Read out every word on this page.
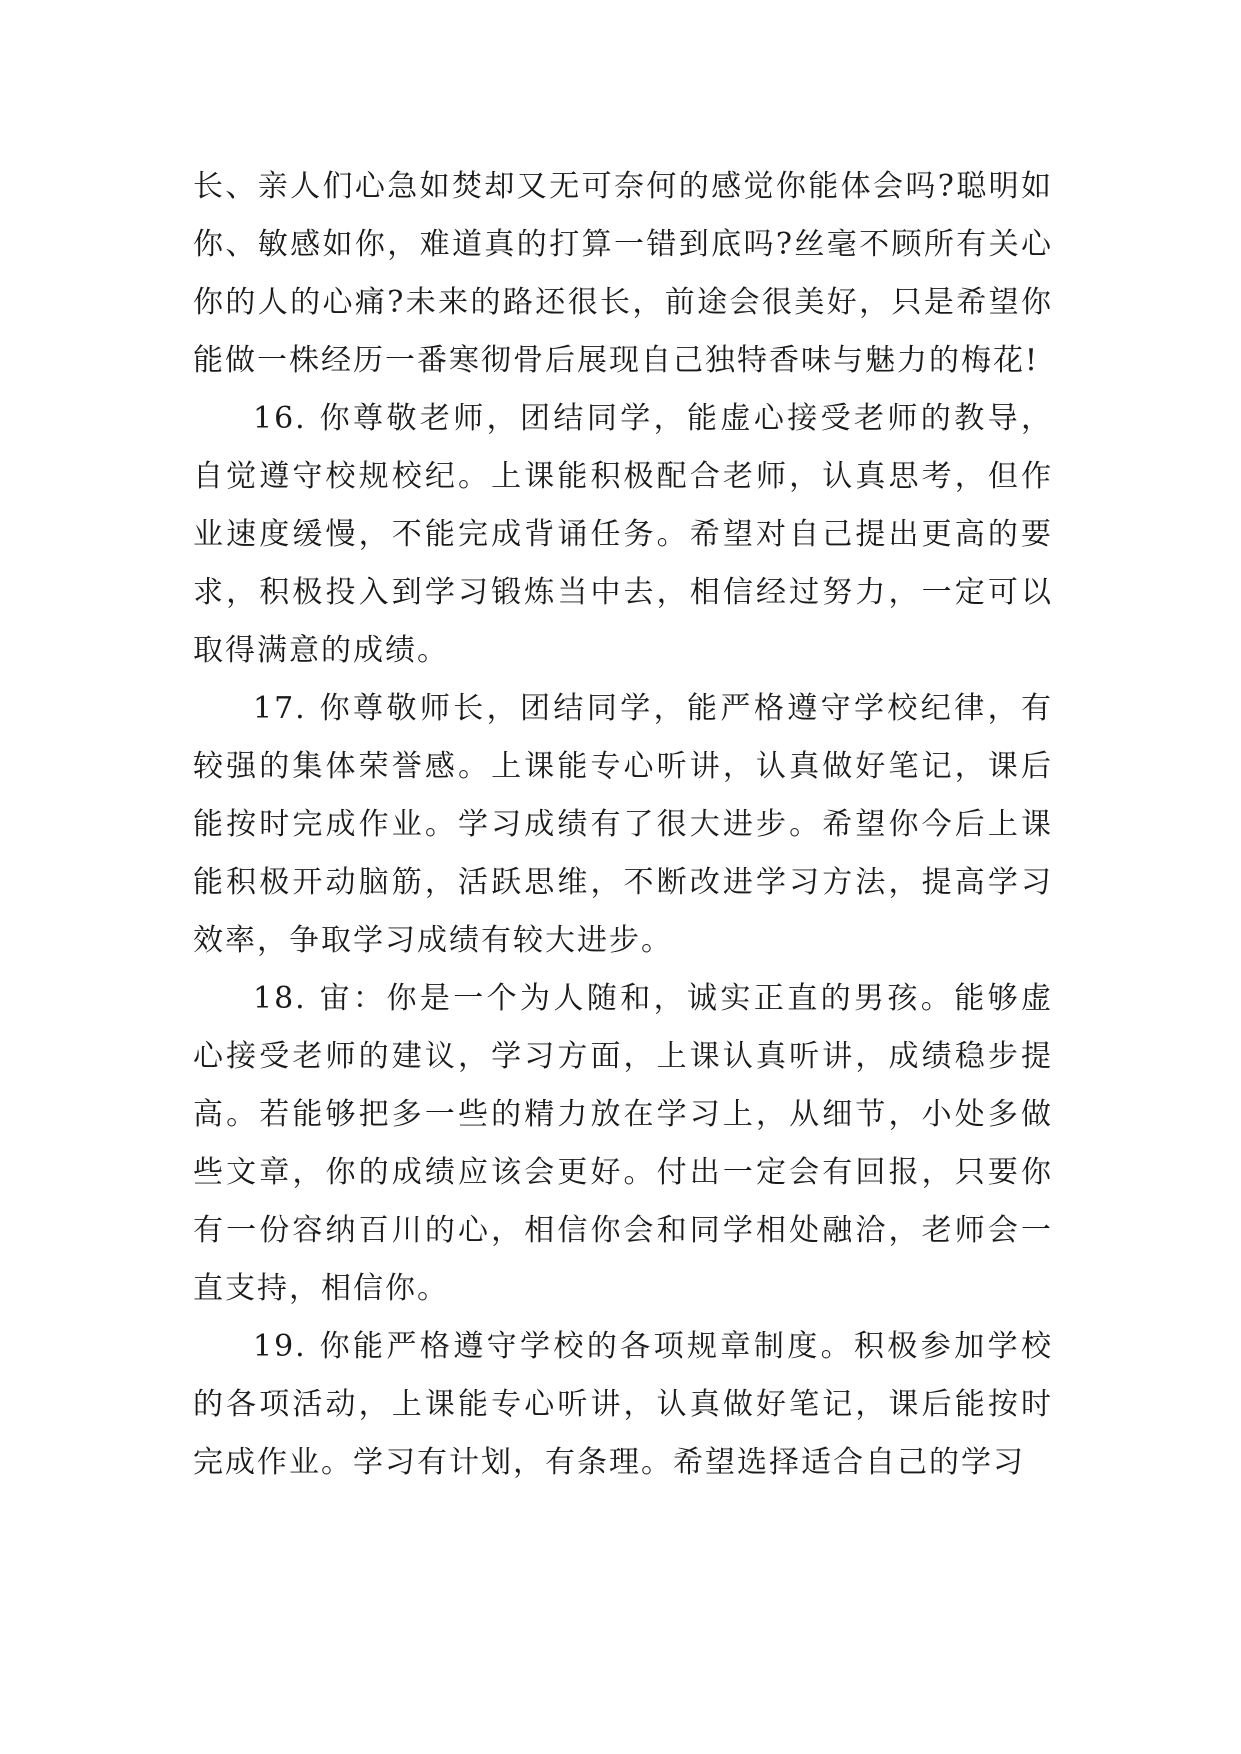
长、亲人们心急如焚却又无可奈何的感觉你能体会吗?聪明如你、敏感如你，难道真的打算一错到底吗?丝毫不顾所有关心你的人的心痛?未来的路还很长，前途会很美好，只是希望你能做一株经历一番寒彻骨后展现自己独特香味与魅力的梅花!

16. 你尊敬老师，团结同学，能虚心接受老师的教导，自觉遵守校规校纪。上课能积极配合老师，认真思考，但作业速度缓慢，不能完成背诵任务。希望对自己提出更高的要求，积极投入到学习锻炼当中去，相信经过努力，一定可以取得满意的成绩。

17. 你尊敬师长，团结同学，能严格遵守学校纪律，有较强的集体荣誉感。上课能专心听讲，认真做好笔记，课后能按时完成作业。学习成绩有了很大进步。希望你今后上课能积极开动脑筋，活跃思维，不断改进学习方法，提高学习效率，争取学习成绩有较大进步。

18. 宙：你是一个为人随和，诚实正直的男孩。能够虚心接受老师的建议，学习方面，上课认真听讲，成绩稳步提高。若能够把多一些的精力放在学习上，从细节，小处多做些文章，你的成绩应该会更好。付出一定会有回报，只要你有一份容纳百川的心，相信你会和同学相处融洽，老师会一直支持，相信你。

19. 你能严格遵守学校的各项规章制度。积极参加学校的各项活动，上课能专心听讲，认真做好笔记，课后能按时完成作业。学习有计划，有条理。希望选择适合自己的学习
